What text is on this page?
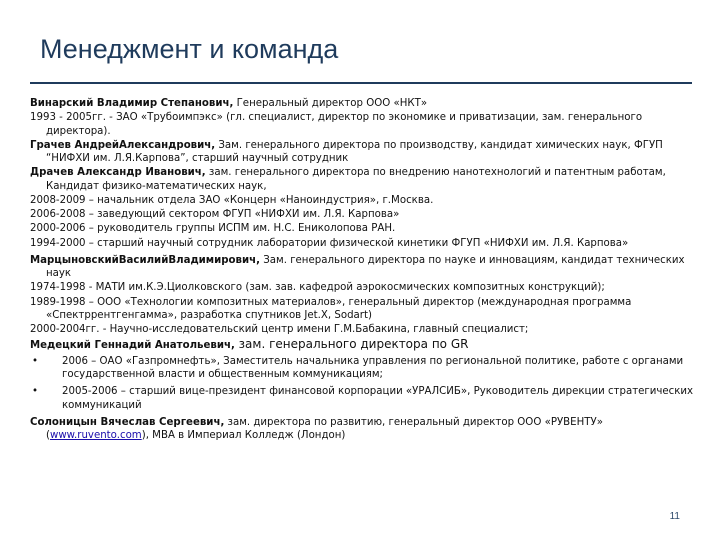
Менеджмент и команда

Винарский Владимир Степанович, Генеральный директор ООО «НКТ»

1993 - 2005гг. - ЗАО «Трубоимпэкс» (гл. специалист, директор по экономике и приватизации, зам. генерального директора).

Грачев АндрейАлександрович, Зам. генерального директора по производству, кандидат химических наук, ФГУП “НИФХИ им. Л.Я.Карпова”, старший научный сотрудник

Драчев Александр Иванович, зам. генерального директора по внедрению нанотехнологий и патентным работам, Кандидат физико-математических наук,

2008-2009 – начальник отдела ЗАО «Концерн «Наноиндустрия», г.Москва.

2006-2008 – заведующий сектором ФГУП «НИФХИ им. Л.Я. Карпова»

2000-2006 – руководитель группы ИСПМ им. Н.С. Ениколопова РАН.

1994-2000 – старший научный сотрудник лаборатории физической кинетики ФГУП «НИФХИ им. Л.Я. Карпова»

МарцыновскийВасилийВладимирович, Зам. генерального директора по науке и инновациям, кандидат технических наук

1974-1998 - МАТИ им.К.Э.Циолковского (зам. зав. кафедрой аэрокосмических композитных конструкций);

1989-1998 – ООО «Технологии композитных материалов», генеральный директор (международная программа «Спектррентгенгамма», разработка спутников Jet.X, Sodart)

2000-2004гг. - Научно-исследовательский центр имени Г.М.Бабакина, главный специалист;

Медецкий Геннадий Анатольевич, зам. генерального директора по GR

• 2006 – ОАО «Газпромнефть», Заместитель начальника управления по региональной политике, работе с органами государственной власти и общественным коммуникациям;
• 2005-2006 – старший вице-президент финансовой корпорации «УРАЛСИБ», Руководитель дирекции стратегических коммуникаций

Солоницын Вячеслав Сергеевич, зам. директора по развитию, генеральный директор ООО «РУВЕНТУ» (www.ruvento.com), МВА в Империал Колледж (Лондон)

11
